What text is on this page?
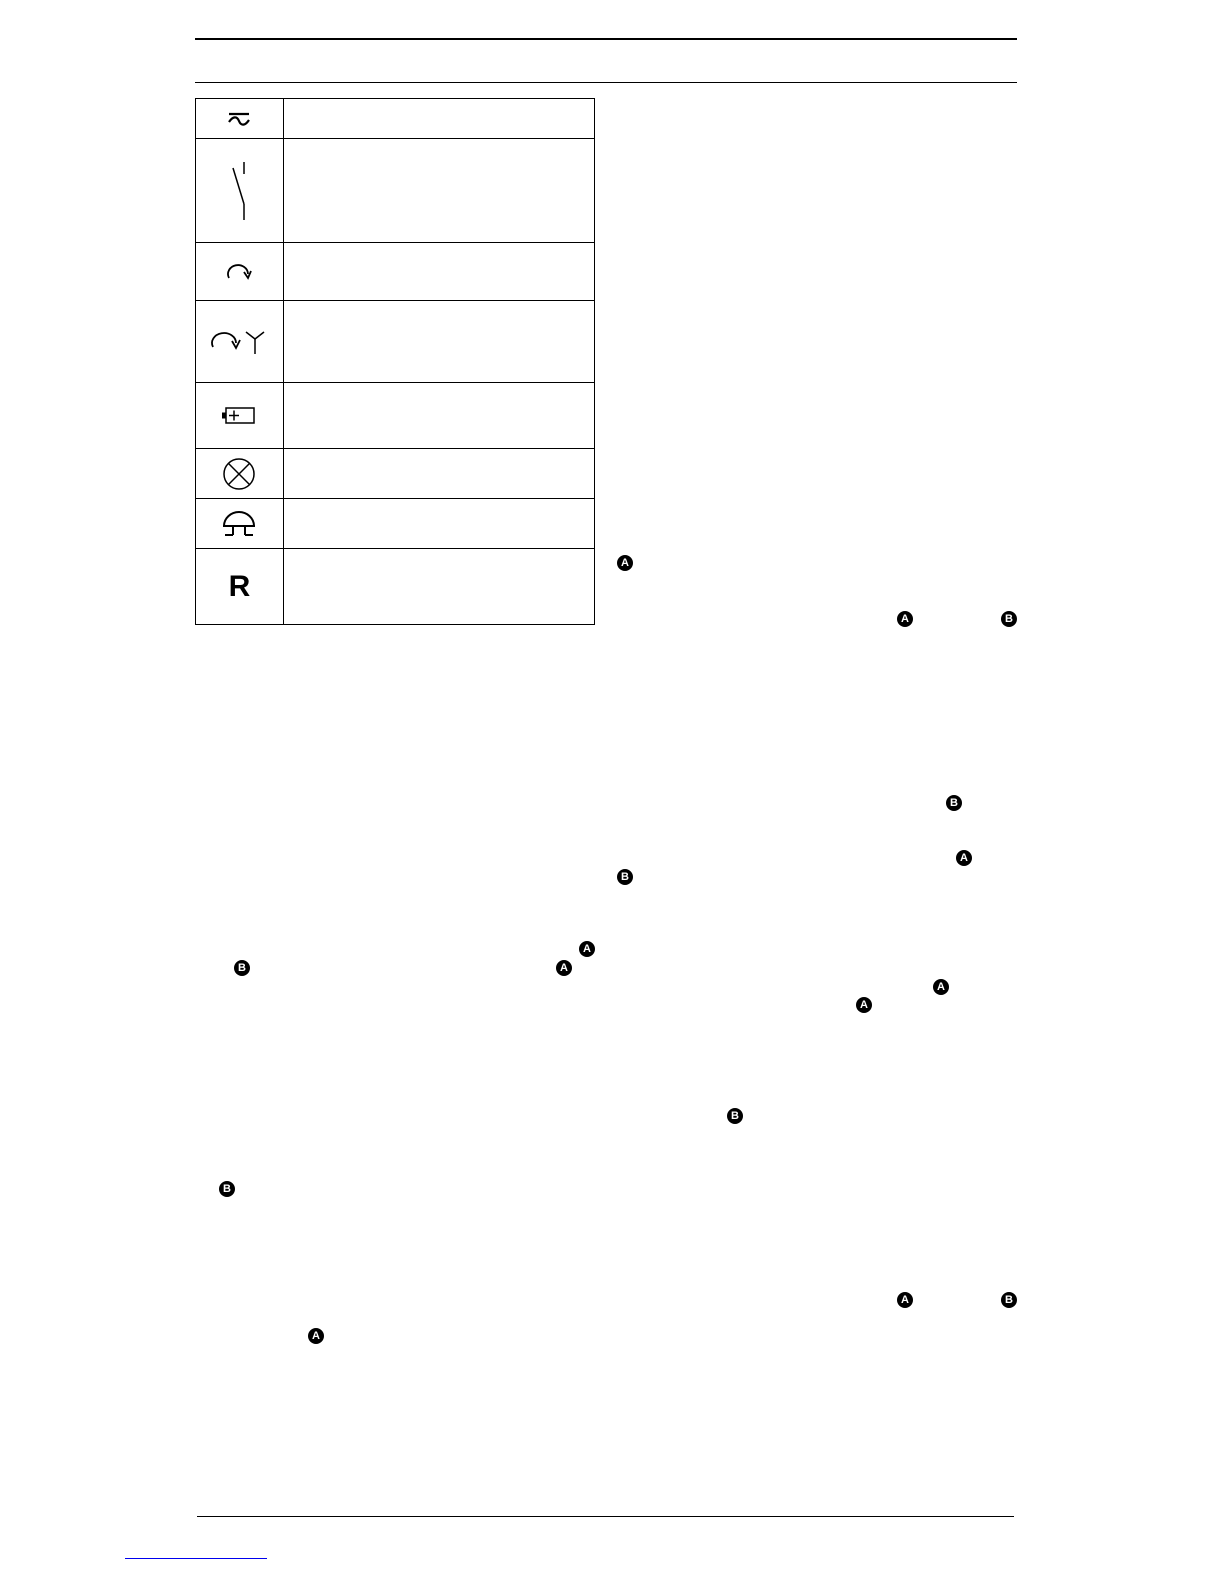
R	
A
A	B
B
A
B
A
B	A
A
A
B
B
A	B
A
